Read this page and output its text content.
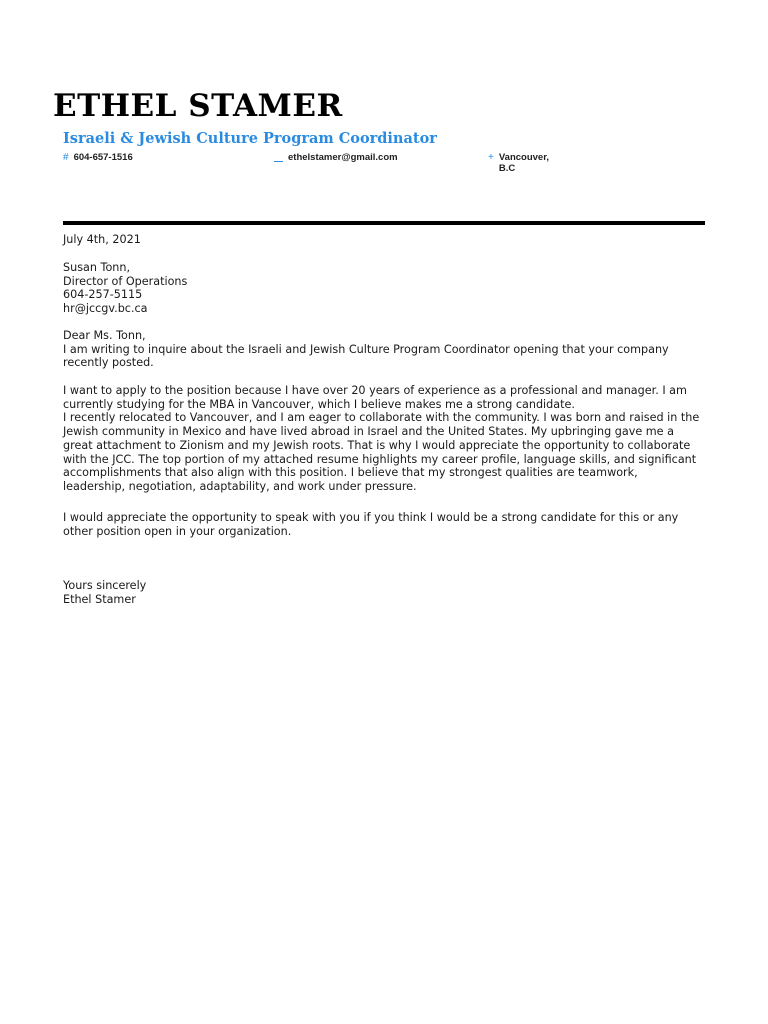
ETHEL STAMER
Israeli & Jewish Culture Program Coordinator
# 604-657-1516	ethelstamer@gmail.com	+ Vancouver,
B.C
July 4th, 2021

Susan Tonn,

Director of Operations

604-257-5115

hr@jccgv.bc.ca

Dear Ms. Tonn,

I am writing to inquire about the Israeli and Jewish Culture Program Coordinator opening that your company recently posted.

I want to apply to the position because I have over 20 years of experience as a professional and manager. I am currently studying for the MBA in Vancouver, which I believe makes me a strong candidate.

I recently relocated to Vancouver, and I am eager to collaborate with the community. I was born and raised in the Jewish community in Mexico and have lived abroad in Israel and the United States. My upbringing gave me a great attachment to Zionism and my Jewish roots. That is why I would appreciate the opportunity to collaborate with the JCC. The top portion of my attached resume highlights my career profile, language skills, and significant accomplishments that also align with this position. I believe that my strongest qualities are teamwork, leadership, negotiation, adaptability, and work under pressure.

I would appreciate the opportunity to speak with you if you think I would be a strong candidate for this or any other position open in your organization.

Yours sincerely

Ethel Stamer
